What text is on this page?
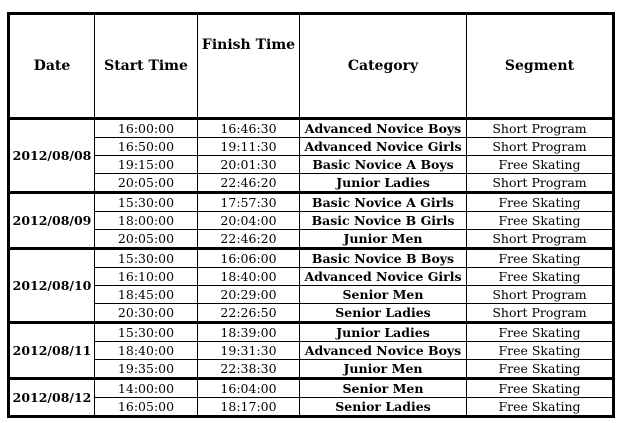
Date	Start Time	Finish Time	Category	Segment
2012/08/08	16:00:00	16:46:30	Advanced Novice Boys	Short Program
	16:50:00	19:11:30	Advanced Novice Girls	Short Program
	19:15:00	20:01:30	Basic Novice A Boys	Free Skating
	20:05:00	22:46:20	Junior Ladies	Short Program
2012/08/09	15:30:00	17:57:30	Basic Novice A Girls	Free Skating
	18:00:00	20:04:00	Basic Novice B Girls	Free Skating
	20:05:00	22:46:20	Junior Men	Short Program
2012/08/10	15:30:00	16:06:00	Basic Novice B Boys	Free Skating
	16:10:00	18:40:00	Advanced Novice Girls	Free Skating
	18:45:00	20:29:00	Senior Men	Short Program
	20:30:00	22:26:50	Senior Ladies	Short Program
2012/08/11	15:30:00	18:39:00	Junior Ladies	Free Skating
	18:40:00	19:31:30	Advanced Novice Boys	Free Skating
	19:35:00	22:38:30	Junior Men	Free Skating
2012/08/12	14:00:00	16:04:00	Senior Men	Free Skating
	16:05:00	18:17:00	Senior Ladies	Free Skating
